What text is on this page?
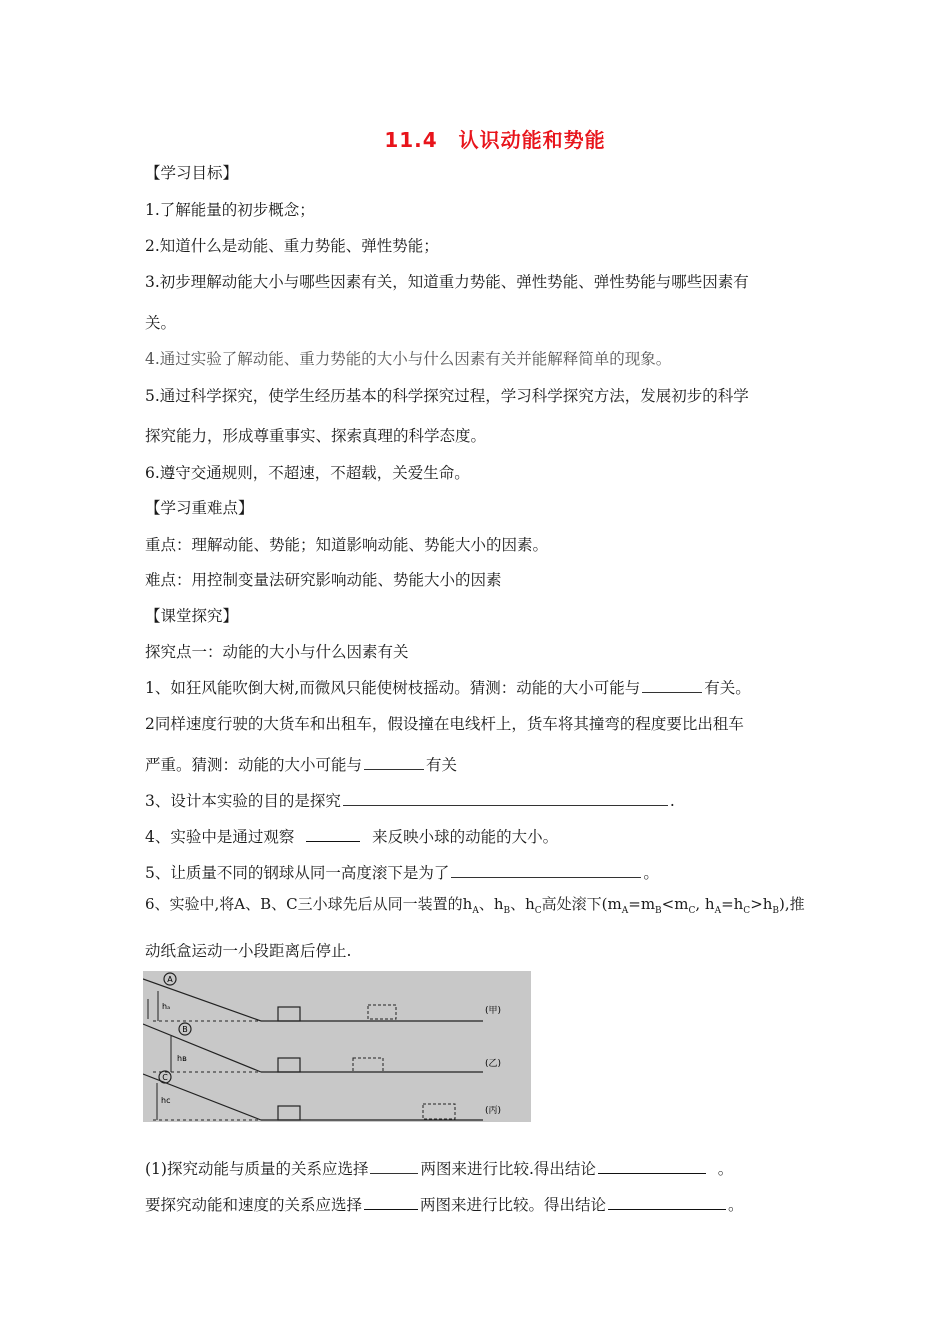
11.4　认识动能和势能
【学习目标】
1.了解能量的初步概念；
2.知道什么是动能、重力势能、弹性势能；
3.初步理解动能大小与哪些因素有关，知道重力势能、弹性势能、弹性势能与哪些因素有
关。
4.通过实验了解动能、重力势能的大小与什么因素有关并能解释简单的现象。
5.通过科学探究，使学生经历基本的科学探究过程，学习科学探究方法，发展初步的科学
探究能力，形成尊重事实、探索真理的科学态度。
6.遵守交通规则，不超速，不超载，关爱生命。
【学习重难点】
重点：理解动能、势能；知道影响动能、势能大小的因素。
难点：用控制变量法研究影响动能、势能大小的因素
【课堂探究】
探究点一：动能的大小与什么因素有关
1、如狂风能吹倒大树,而微风只能使树枝摇动。猜测：动能的大小可能与	有关。
2同样速度行驶的大货车和出租车，假设撞在电线杆上，货车将其撞弯的程度要比出租车
严重。猜测：动能的大小可能与	有关
3、设计本实验的目的是探究	.
4、实验中是通过观察	来反映小球的动能的大小。
5、让质量不同的钢球从同一高度滚下是为了	。
6、实验中,将A、B、C三小球先后从同一装置的$h_A$、$h_B$、$h_C$高处滚下($m_A=m_B<m_C$, $h_A=h_C>h_B$),推
动纸盒运动一小段距离后停止.
A
hₐ	(甲)
B
hʙ
(乙)
C
hc
(丙)
(1)探究动能与质量的关系应选择	两图来进行比较.得出结论	。
要探究动能和速度的关系应选择	两图来进行比较。得出结论	。
